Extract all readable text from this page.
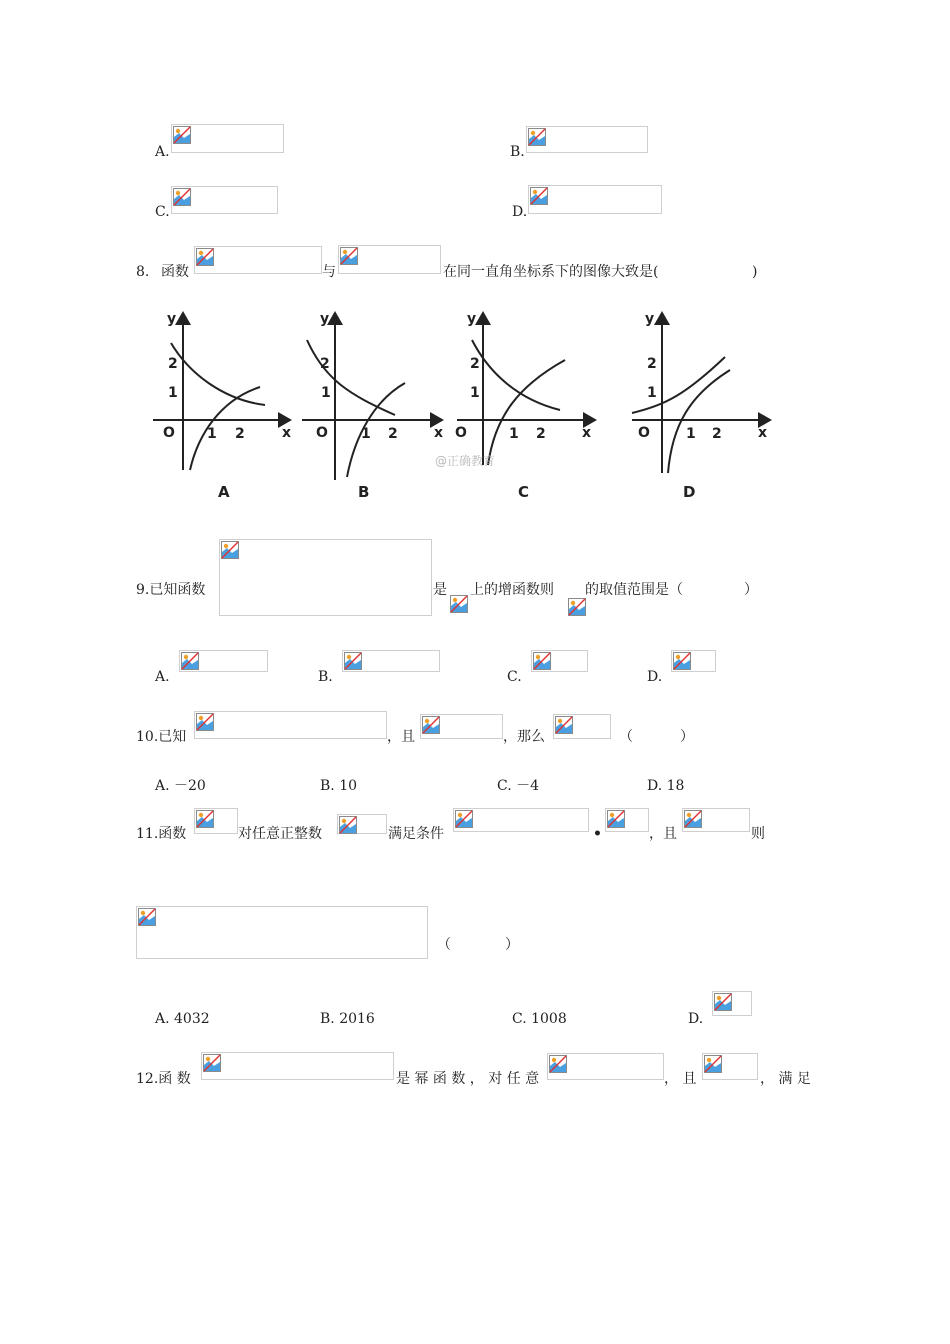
A.	B.
C.	D.
8. 函数	与	在同一直角坐标系下的图像大致是(	)
y
x
O
2
1
1 2
A
y
x
O
2
1
1 2
B
y
x
O
2
1
1 2
C
y
x
O
2
1
1 2
D
@正确教育
9.已知函数	是 上的增函数则 的取值范围是（	）
A.	B.	C.	D.
10.已知	，且	，那么	（	）
A. －20	B. 10	C. －4	D. 18
11.函数	对任意正整数	满足条件	•	，且	则
（	）
A. 4032	B. 2016	C. 1008	D.
12.函 数	是 幂 函 数 ， 对 任 意	， 且	， 满 足
